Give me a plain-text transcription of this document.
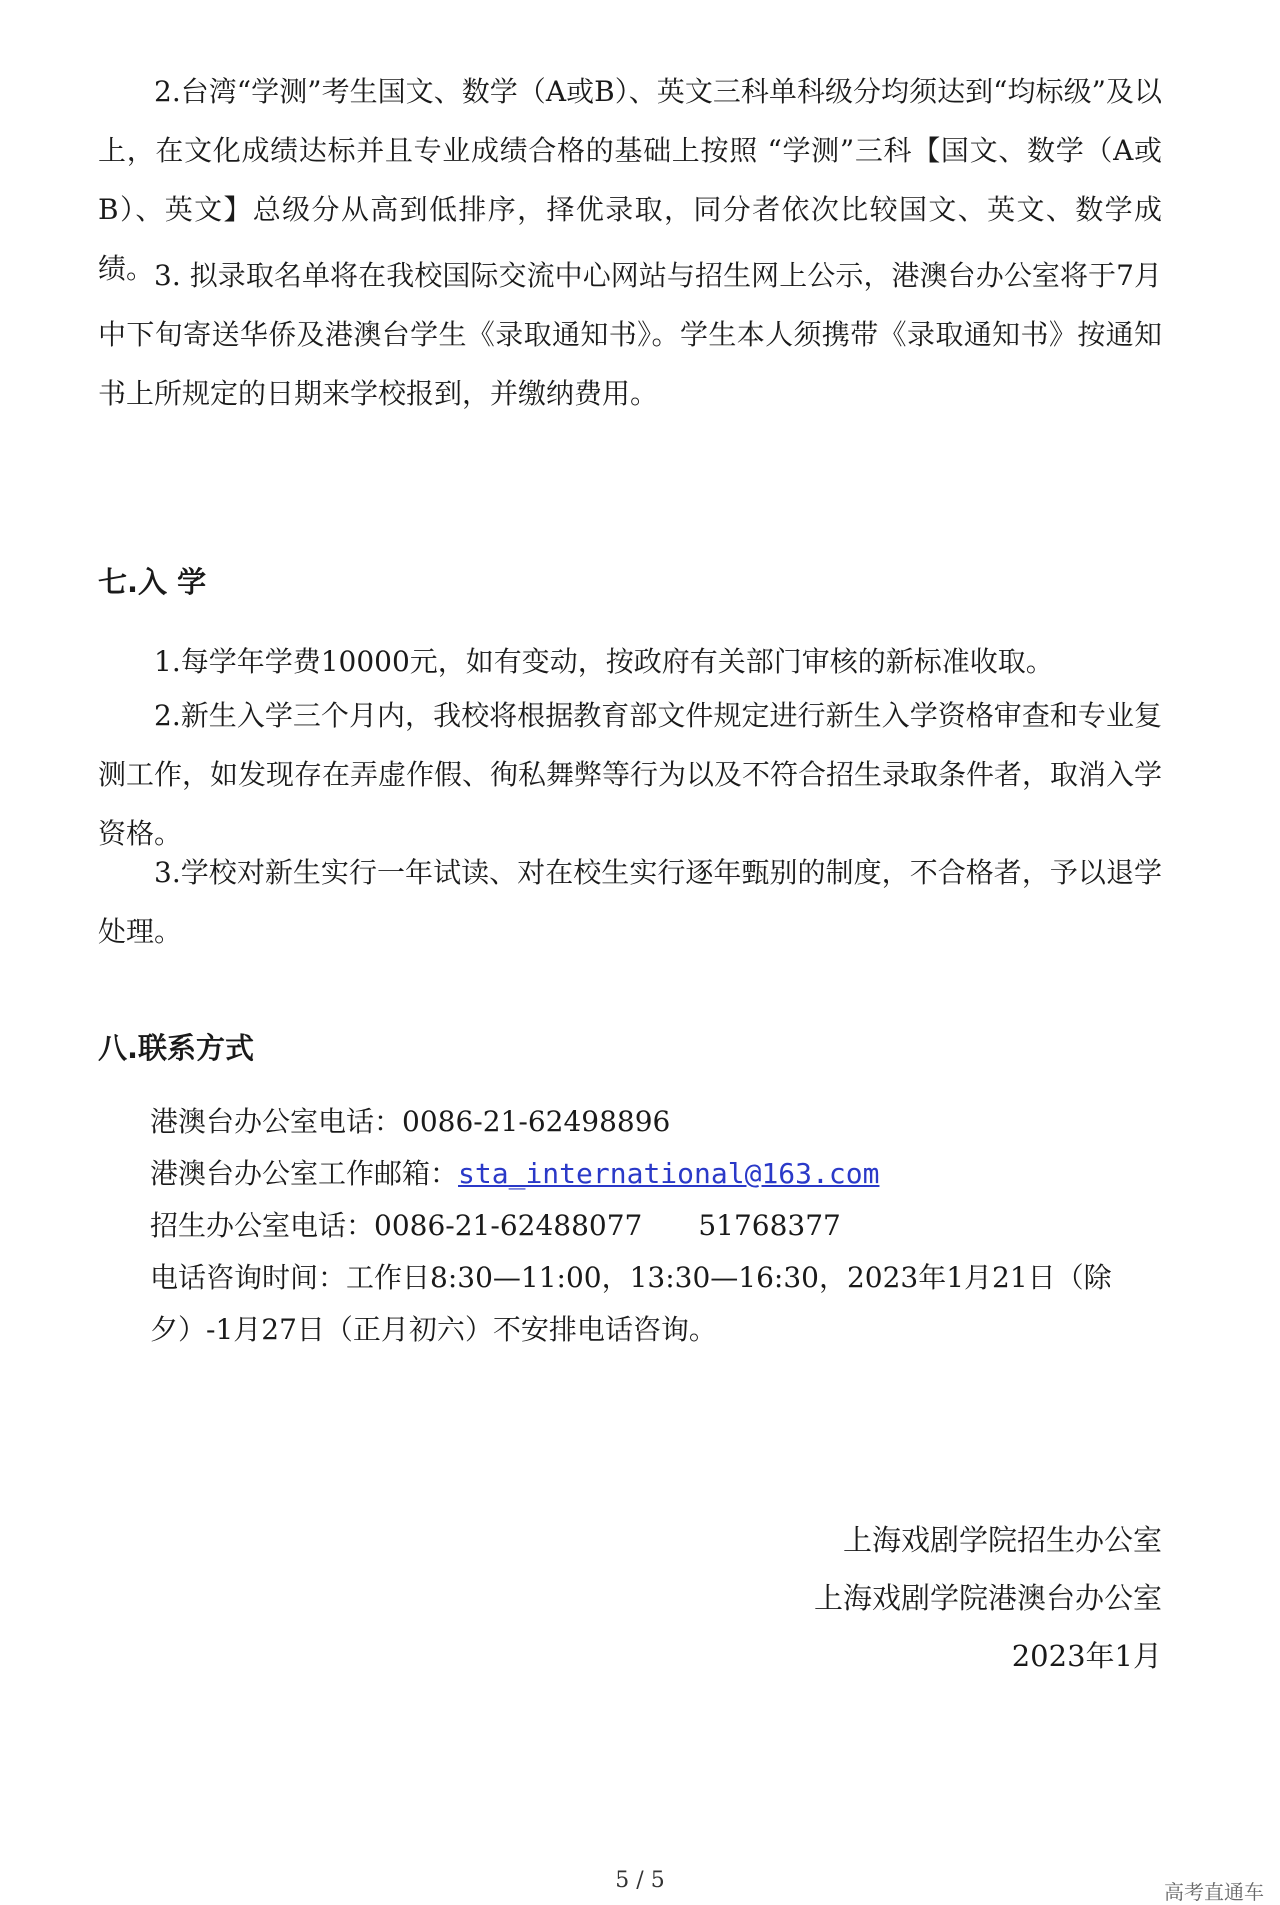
2.台湾“学测”考生国文、数学（A或B）、英文三科单科级分均须达到“均标级”及以上，在文化成绩达标并且专业成绩合格的基础上按照 “学测”三科【国文、数学（A或B）、英文】总级分从高到低排序，择优录取，同分者依次比较国文、英文、数学成绩。 3. 拟录取名单将在我校国际交流中心网站与招生网上公示，港澳台办公室将于7月中下旬寄送华侨及港澳台学生《录取通知书》。学生本人须携带《录取通知书》按通知书上所规定的日期来学校报到，并缴纳费用。

七.入 学

1.每学年学费10000元，如有变动，按政府有关部门审核的新标准收取。

2.新生入学三个月内，我校将根据教育部文件规定进行新生入学资格审查和专业复测工作，如发现存在弄虚作假、徇私舞弊等行为以及不符合招生录取条件者，取消入学资格。

3.学校对新生实行一年试读、对在校生实行逐年甄别的制度，不合格者，予以退学处理。

八.联系方式

港澳台办公室电话：0086-21-62498896

港澳台办公室工作邮箱：sta_international@163.com

招生办公室电话：0086-21-62488077　　51768377

电话咨询时间：工作日8:30—11:00，13:30—16:30，2023年1月21日（除夕）-1月27日（正月初六）不安排电话咨询。

上海戏剧学院招生办公室

上海戏剧学院港澳台办公室

2023年1月

5 / 5	高考直通车
